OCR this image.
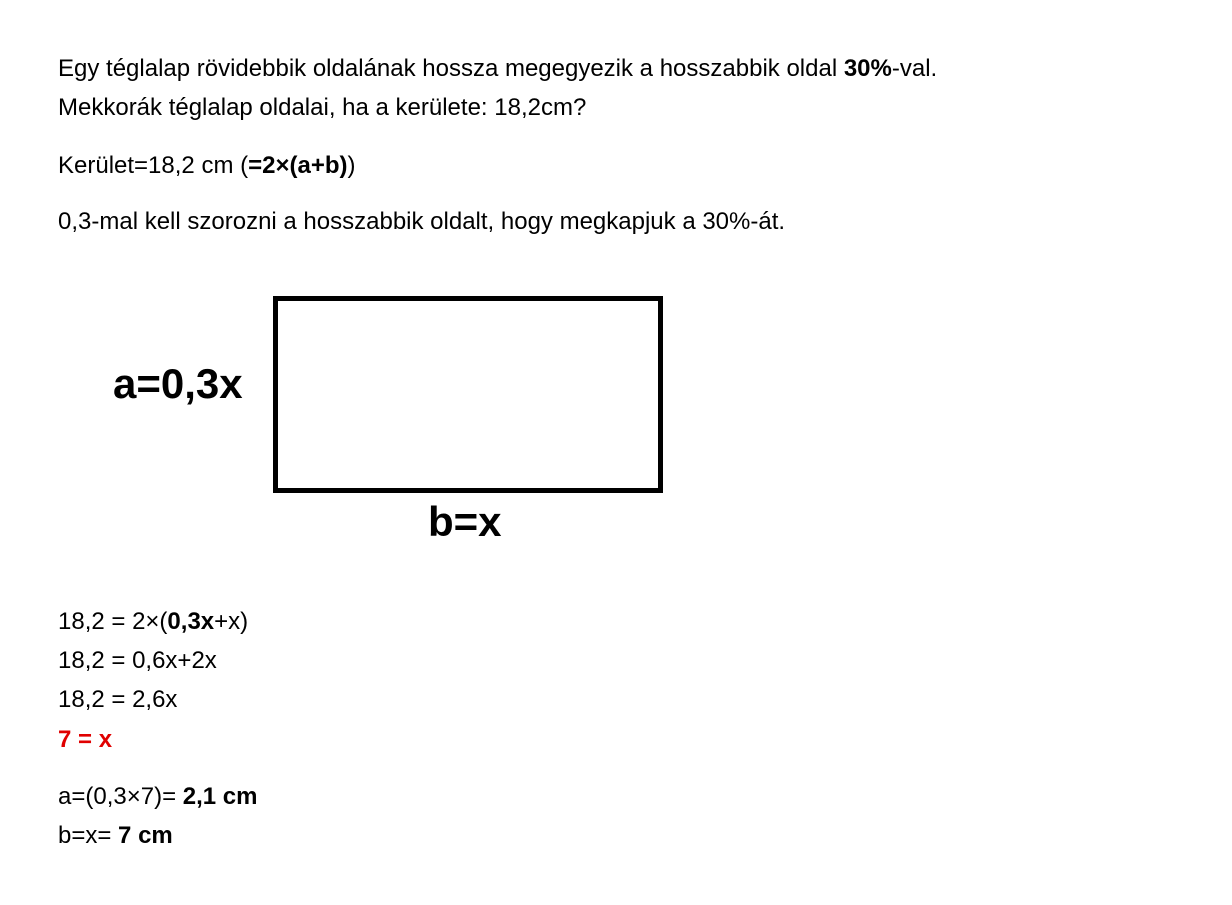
Egy téglalap rövidebbik oldalának hossza megegyezik a hosszabbik oldal 30%-val.
Mekkorák téglalap oldalai, ha a kerülete: 18,2cm?
Kerület=18,2 cm (=2×(a+b))
0,3-mal kell szorozni a hosszabbik oldalt, hogy megkapjuk a 30%-át.
a=0,3x
b=x
18,2 = 2×(0,3x+x)
18,2 = 0,6x+2x
18,2 = 2,6x
7 = x
a=(0,3×7)= 2,1 cm
b=x= 7 cm
